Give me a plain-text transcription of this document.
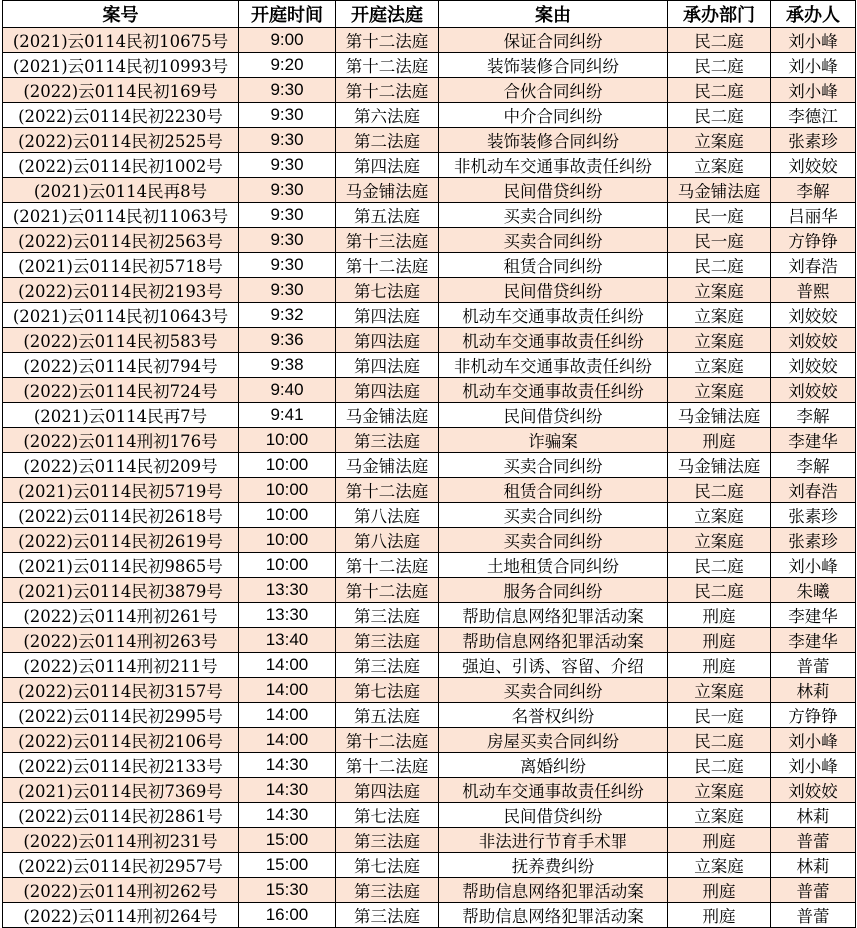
案号	开庭时间	开庭法庭	案由	承办部门	承办人
(2021)云0114民初10675号	9:00	第十二法庭	保证合同纠纷	民二庭	刘小峰
(2021)云0114民初10993号	9:20	第十二法庭	装饰装修合同纠纷	民二庭	刘小峰
(2022)云0114民初169号	9:30	第十二法庭	合伙合同纠纷	民二庭	刘小峰
(2022)云0114民初2230号	9:30	第六法庭	中介合同纠纷	民二庭	李德江
(2022)云0114民初2525号	9:30	第二法庭	装饰装修合同纠纷	立案庭	张素珍
(2022)云0114民初1002号	9:30	第四法庭	非机动车交通事故责任纠纷	立案庭	刘姣姣
(2021)云0114民再8号	9:30	马金铺法庭	民间借贷纠纷	马金铺法庭	李解
(2021)云0114民初11063号	9:30	第五法庭	买卖合同纠纷	民一庭	吕丽华
(2022)云0114民初2563号	9:30	第十三法庭	买卖合同纠纷	民一庭	方铮铮
(2021)云0114民初5718号	9:30	第十二法庭	租赁合同纠纷	民二庭	刘春浩
(2022)云0114民初2193号	9:30	第七法庭	民间借贷纠纷	立案庭	普熙
(2021)云0114民初10643号	9:32	第四法庭	机动车交通事故责任纠纷	立案庭	刘姣姣
(2022)云0114民初583号	9:36	第四法庭	机动车交通事故责任纠纷	立案庭	刘姣姣
(2022)云0114民初794号	9:38	第四法庭	非机动车交通事故责任纠纷	立案庭	刘姣姣
(2022)云0114民初724号	9:40	第四法庭	机动车交通事故责任纠纷	立案庭	刘姣姣
(2021)云0114民再7号	9:41	马金铺法庭	民间借贷纠纷	马金铺法庭	李解
(2022)云0114刑初176号	10:00	第三法庭	诈骗案	刑庭	李建华
(2022)云0114民初209号	10:00	马金铺法庭	买卖合同纠纷	马金铺法庭	李解
(2021)云0114民初5719号	10:00	第十二法庭	租赁合同纠纷	民二庭	刘春浩
(2022)云0114民初2618号	10:00	第八法庭	买卖合同纠纷	立案庭	张素珍
(2022)云0114民初2619号	10:00	第八法庭	买卖合同纠纷	立案庭	张素珍
(2021)云0114民初9865号	10:00	第十二法庭	土地租赁合同纠纷	民二庭	刘小峰
(2021)云0114民初3879号	13:30	第十二法庭	服务合同纠纷	民二庭	朱曦
(2022)云0114刑初261号	13:30	第三法庭	帮助信息网络犯罪活动案	刑庭	李建华
(2022)云0114刑初263号	13:40	第三法庭	帮助信息网络犯罪活动案	刑庭	李建华
(2022)云0114刑初211号	14:00	第三法庭	强迫、引诱、容留、介绍	刑庭	普蕾
(2022)云0114民初3157号	14:00	第七法庭	买卖合同纠纷	立案庭	林莉
(2022)云0114民初2995号	14:00	第五法庭	名誉权纠纷	民一庭	方铮铮
(2022)云0114民初2106号	14:00	第十二法庭	房屋买卖合同纠纷	民二庭	刘小峰
(2022)云0114民初2133号	14:30	第十二法庭	离婚纠纷	民二庭	刘小峰
(2021)云0114民初7369号	14:30	第四法庭	机动车交通事故责任纠纷	立案庭	刘姣姣
(2022)云0114民初2861号	14:30	第七法庭	民间借贷纠纷	立案庭	林莉
(2022)云0114刑初231号	15:00	第三法庭	非法进行节育手术罪	刑庭	普蕾
(2022)云0114民初2957号	15:00	第七法庭	抚养费纠纷	立案庭	林莉
(2022)云0114刑初262号	15:30	第三法庭	帮助信息网络犯罪活动案	刑庭	普蕾
(2022)云0114刑初264号	16:00	第三法庭	帮助信息网络犯罪活动案	刑庭	普蕾
